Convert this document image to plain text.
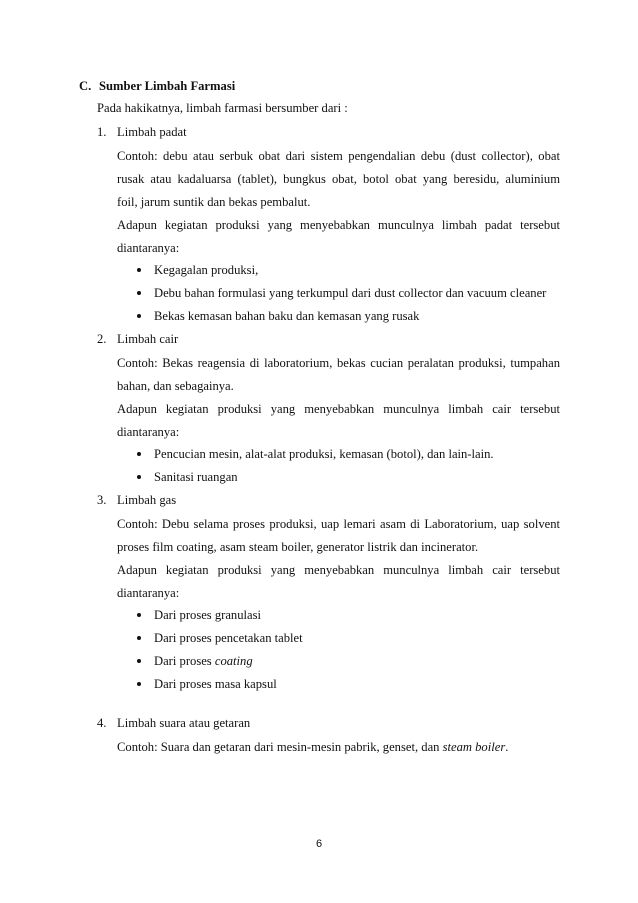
C. Sumber Limbah Farmasi
Pada hakikatnya, limbah farmasi bersumber dari :
1. Limbah padat
Contoh: debu atau serbuk obat dari sistem pengendalian debu (dust collector), obat
rusak atau kadaluarsa (tablet), bungkus obat, botol obat yang beresidu, aluminium
foil, jarum suntik dan bekas pembalut.
Adapun kegiatan produksi yang menyebabkan munculnya limbah padat tersebut
diantaranya:
Kegagalan produksi,
Debu bahan formulasi yang terkumpul dari dust collector dan vacuum cleaner
Bekas kemasan bahan baku dan kemasan yang rusak
2. Limbah cair
Contoh: Bekas reagensia di laboratorium, bekas cucian peralatan produksi, tumpahan
bahan, dan sebagainya.
Adapun kegiatan produksi yang menyebabkan munculnya limbah cair tersebut
diantaranya:
Pencucian mesin, alat-alat produksi, kemasan (botol), dan lain-lain.
Sanitasi ruangan
3. Limbah gas
Contoh: Debu selama proses produksi, uap lemari asam di Laboratorium, uap solvent
proses film coating, asam steam boiler, generator listrik dan incinerator.
Adapun kegiatan produksi yang menyebabkan munculnya limbah cair tersebut
diantaranya:
Dari proses granulasi
Dari proses pencetakan tablet
Dari proses coating
Dari proses masa kapsul
4. Limbah suara atau getaran
Contoh: Suara dan getaran dari mesin-mesin pabrik, genset, dan steam boiler.
6
